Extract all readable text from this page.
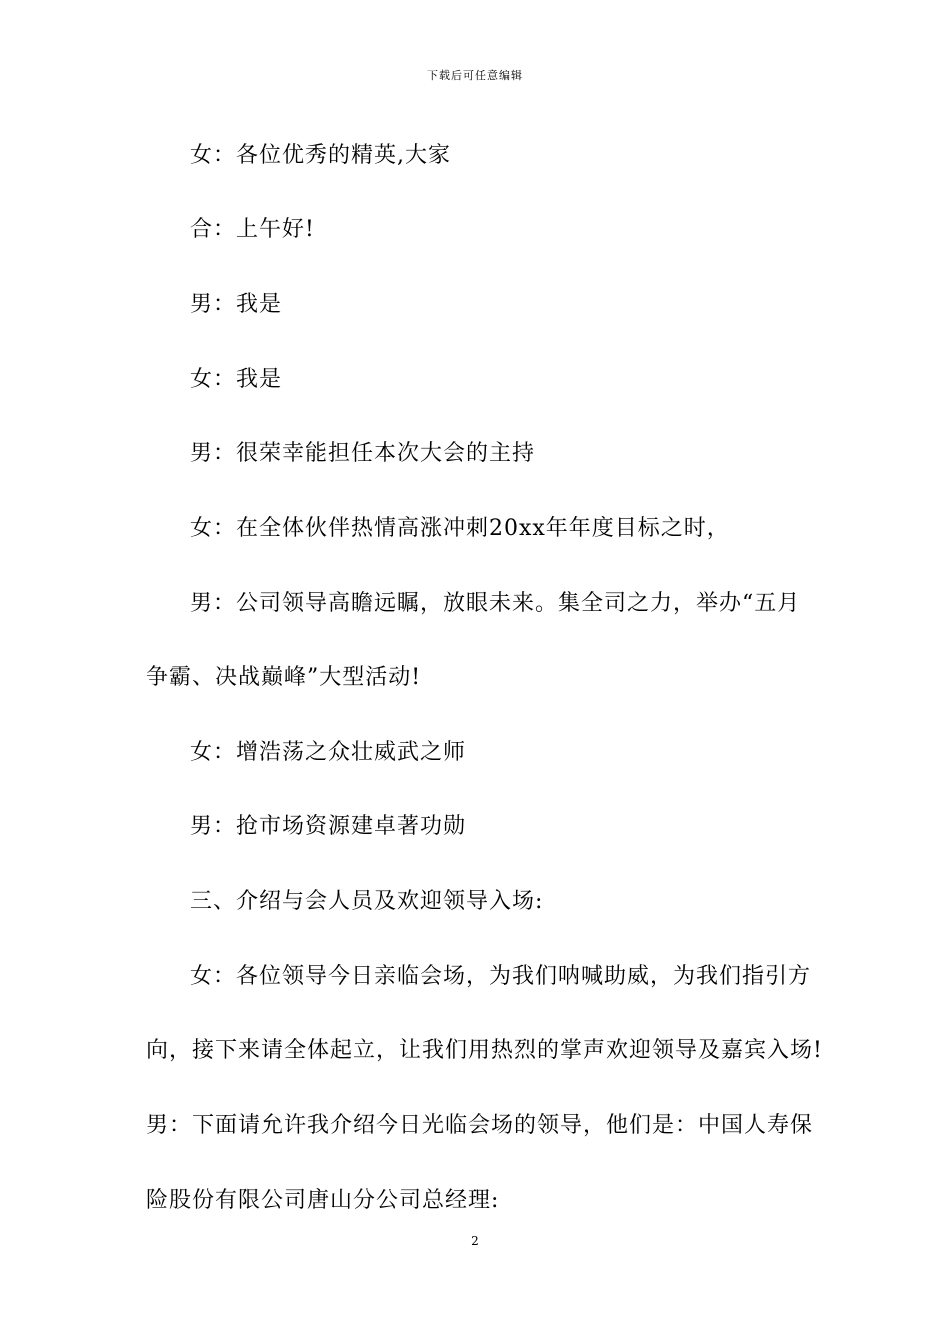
下载后可任意编辑
女：各位优秀的精英,大家
合：上午好!
男：我是
女：我是
男：很荣幸能担任本次大会的主持
女：在全体伙伴热情高涨冲刺20xx年年度目标之时，
男：公司领导高瞻远瞩，放眼未来。集全司之力，举办“五月
争霸、决战巅峰”大型活动!
女：增浩荡之众壮威武之师
男：抢市场资源建卓著功勋
三、介绍与会人员及欢迎领导入场:
女：各位领导今日亲临会场，为我们呐喊助威，为我们指引方
向，接下来请全体起立，让我们用热烈的掌声欢迎领导及嘉宾入场!
男：下面请允许我介绍今日光临会场的领导，他们是：中国人寿保
险股份有限公司唐山分公司总经理:
2
